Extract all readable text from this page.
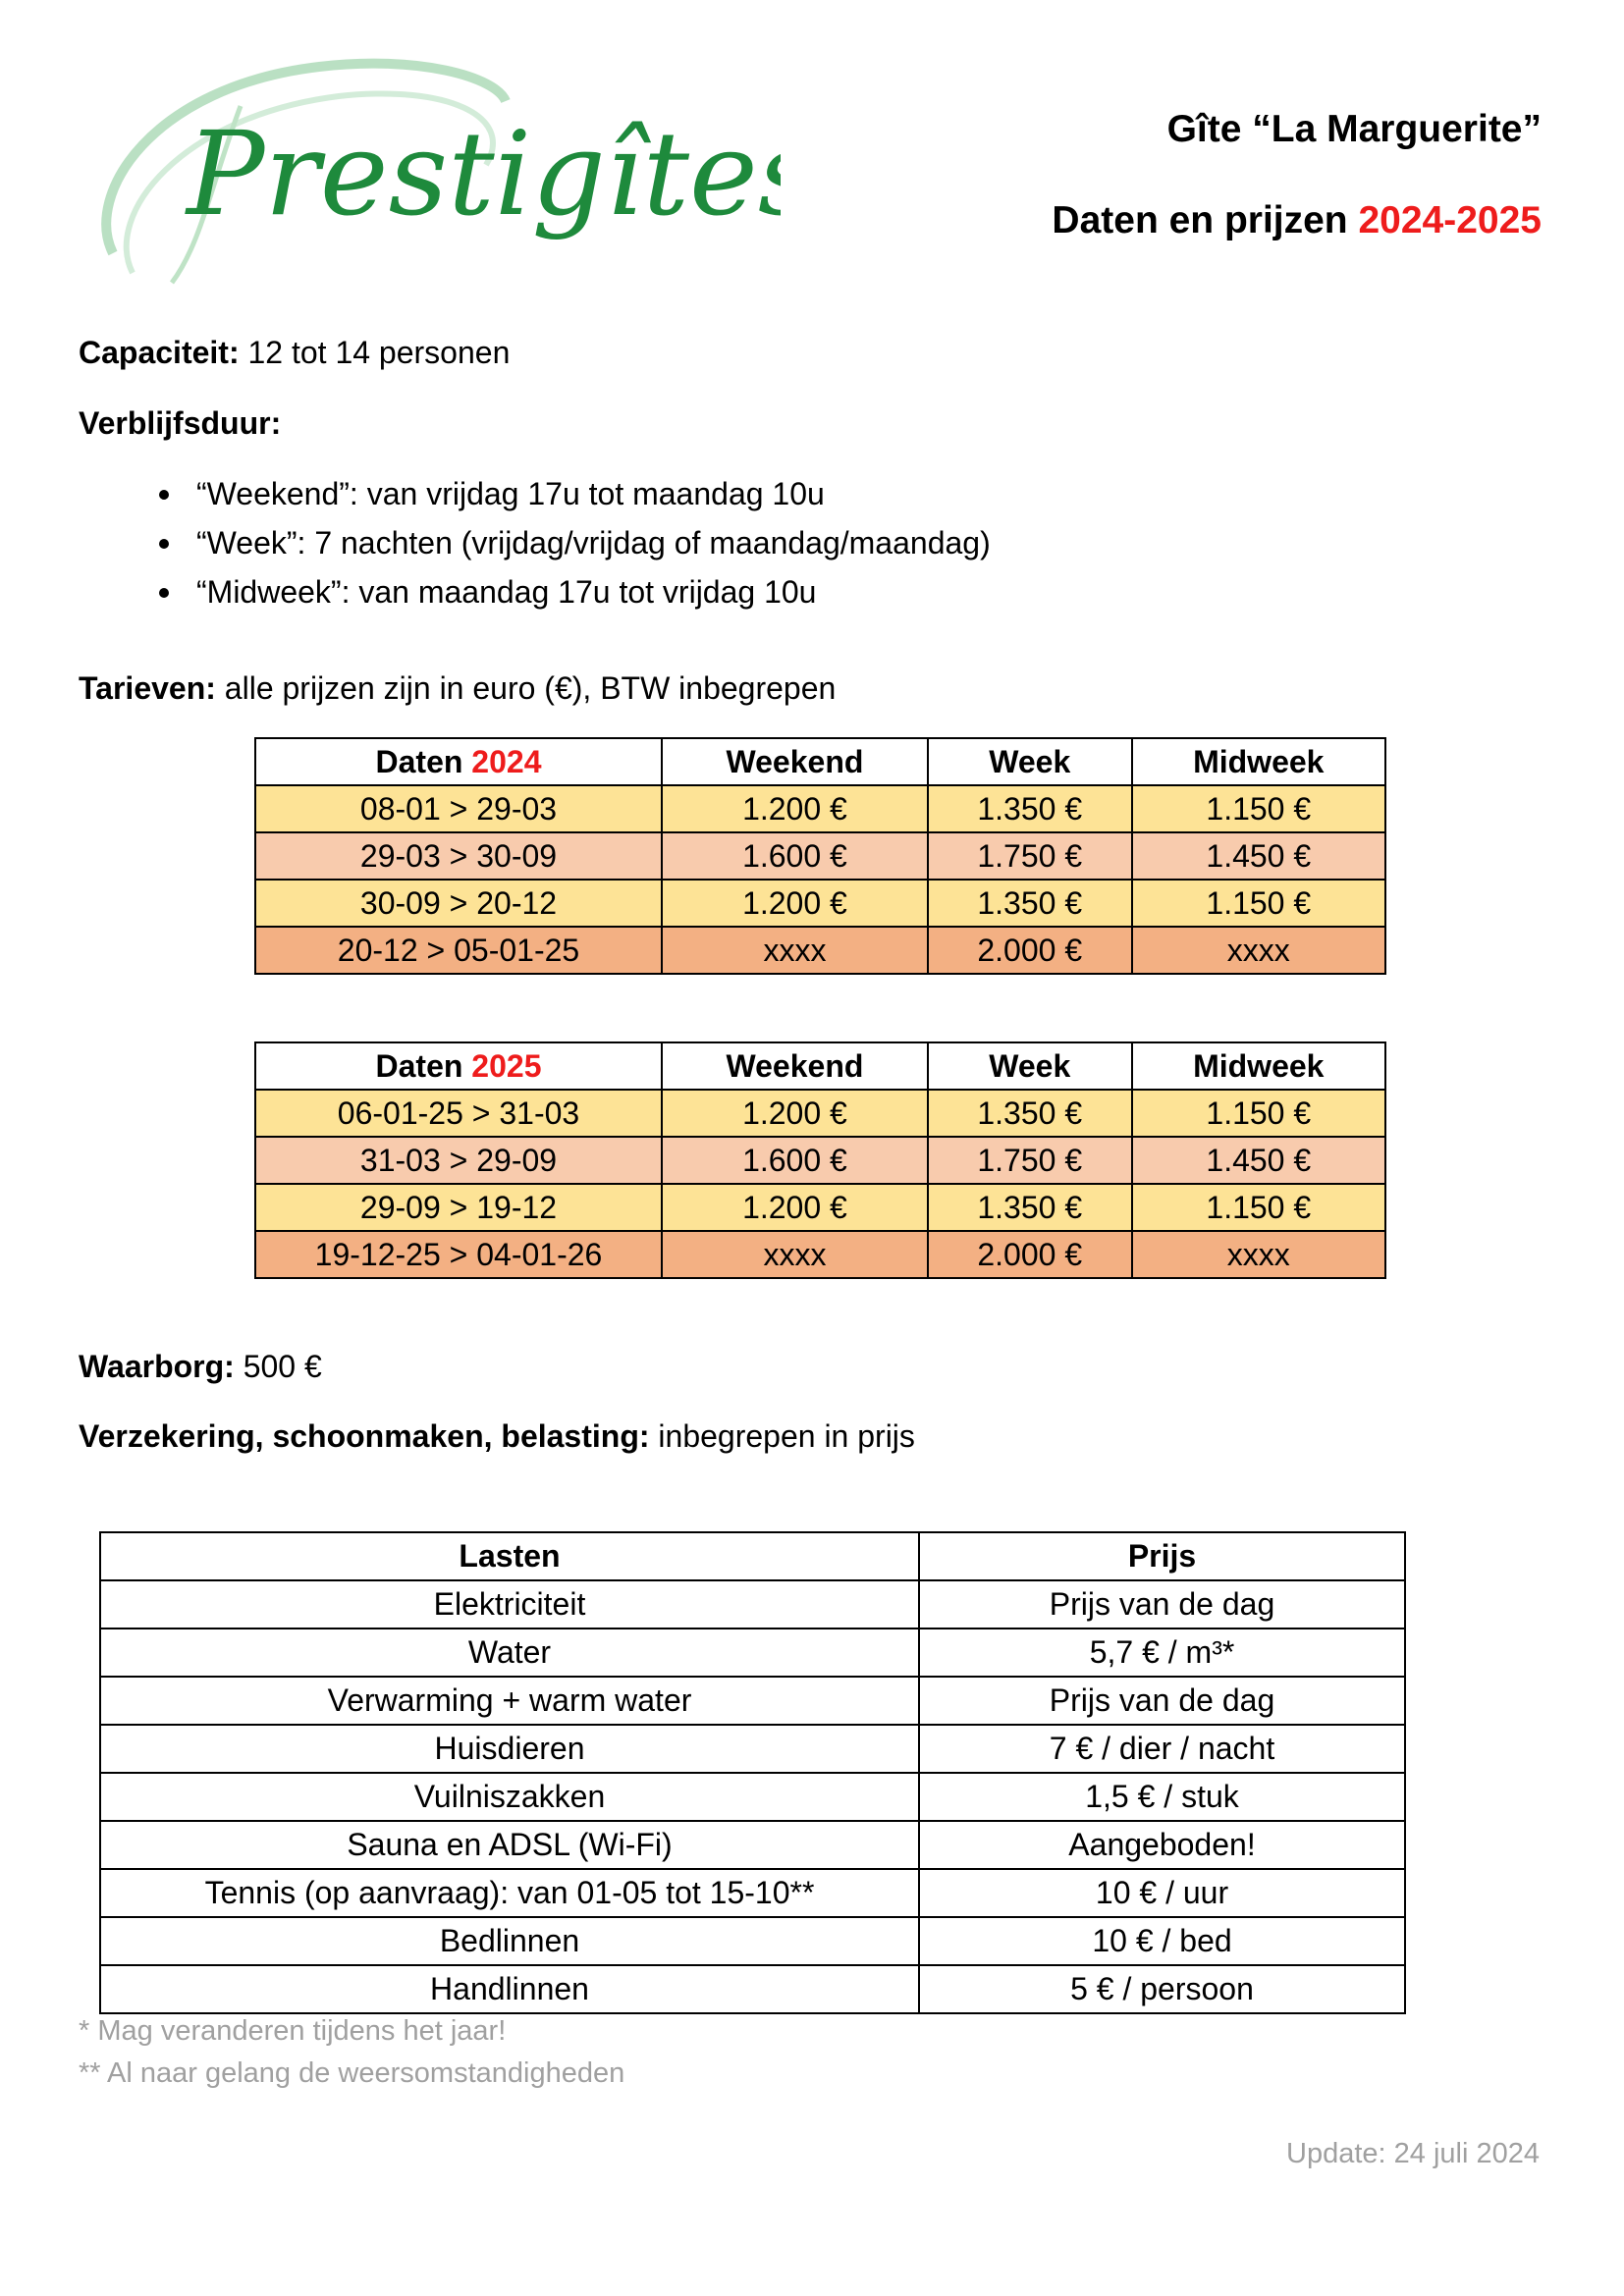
Prestigîtes	Gîte “La Marguerite”
Daten en prijzen 2024-2025
Capaciteit: 12 tot 14 personen
Verblijfsduur:
“Weekend”: van vrijdag 17u tot maandag 10u
“Week”: 7 nachten (vrijdag/vrijdag of maandag/maandag)
“Midweek”: van maandag 17u tot vrijdag 10u
Tarieven: alle prijzen zijn in euro (€), BTW inbegrepen
Daten 2024	Weekend	Week	Midweek
08-01 > 29-03	1.200 €	1.350 €	1.150 €
29-03 > 30-09	1.600 €	1.750 €	1.450 €
30-09 > 20-12	1.200 €	1.350 €	1.150 €
20-12 > 05-01-25	xxxx	2.000 €	xxxx
Daten 2025	Weekend	Week	Midweek
06-01-25 > 31-03	1.200 €	1.350 €	1.150 €
31-03 > 29-09	1.600 €	1.750 €	1.450 €
29-09 > 19-12	1.200 €	1.350 €	1.150 €
19-12-25 > 04-01-26	xxxx	2.000 €	xxxx
Waarborg: 500 €
Verzekering, schoonmaken, belasting: inbegrepen in prijs
Lasten	Prijs
Elektriciteit	Prijs van de dag
Water	5,7 € / m³*
Verwarming + warm water	Prijs van de dag
Huisdieren	7 € / dier / nacht
Vuilniszakken	1,5 € / stuk
Sauna en ADSL (Wi-Fi)	Aangeboden!
Tennis (op aanvraag): van 01-05 tot 15-10**	10 € / uur
Bedlinnen	10 € / bed
Handlinnen	5 € / persoon
* Mag veranderen tijdens het jaar!
** Al naar gelang de weersomstandigheden
Update: 24 juli 2024
